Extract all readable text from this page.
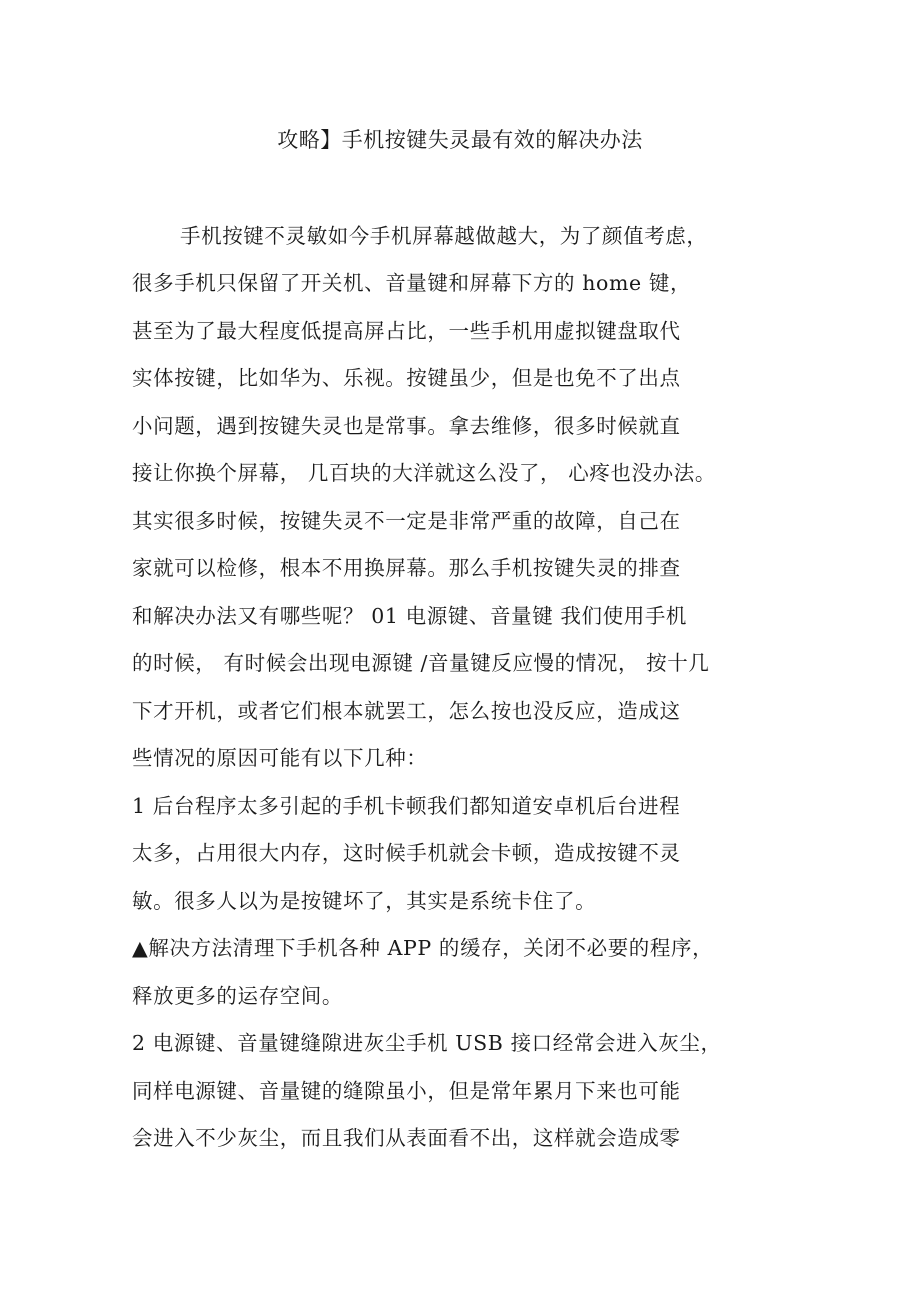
攻略】手机按键失灵最有效的解决办法
手机按键不灵敏如今手机屏幕越做越大，为了颜值考虑，
很多手机只保留了开关机、音量键和屏幕下方的 home 键，
甚至为了最大程度低提高屏占比，一些手机用虚拟键盘取代
实体按键，比如华为、乐视。按键虽少，但是也免不了出点
小问题，遇到按键失灵也是常事。拿去维修，很多时候就直
接让你换个屏幕， 几百块的大洋就这么没了， 心疼也没办法。
其实很多时候，按键失灵不一定是非常严重的故障，自己在
家就可以检修，根本不用换屏幕。那么手机按键失灵的排查
和解决办法又有哪些呢？ 01 电源键、音量键 我们使用手机
的时候， 有时候会出现电源键 /音量键反应慢的情况， 按十几
下才开机，或者它们根本就罢工，怎么按也没反应，造成这
些情况的原因可能有以下几种：
1 后台程序太多引起的手机卡顿我们都知道安卓机后台进程
太多，占用很大内存，这时候手机就会卡顿，造成按键不灵
敏。很多人以为是按键坏了，其实是系统卡住了。
▲解决方法清理下手机各种 APP 的缓存，关闭不必要的程序，
释放更多的运存空间。
2 电源键、音量键缝隙进灰尘手机 USB 接口经常会进入灰尘，
同样电源键、音量键的缝隙虽小，但是常年累月下来也可能
会进入不少灰尘，而且我们从表面看不出，这样就会造成零
